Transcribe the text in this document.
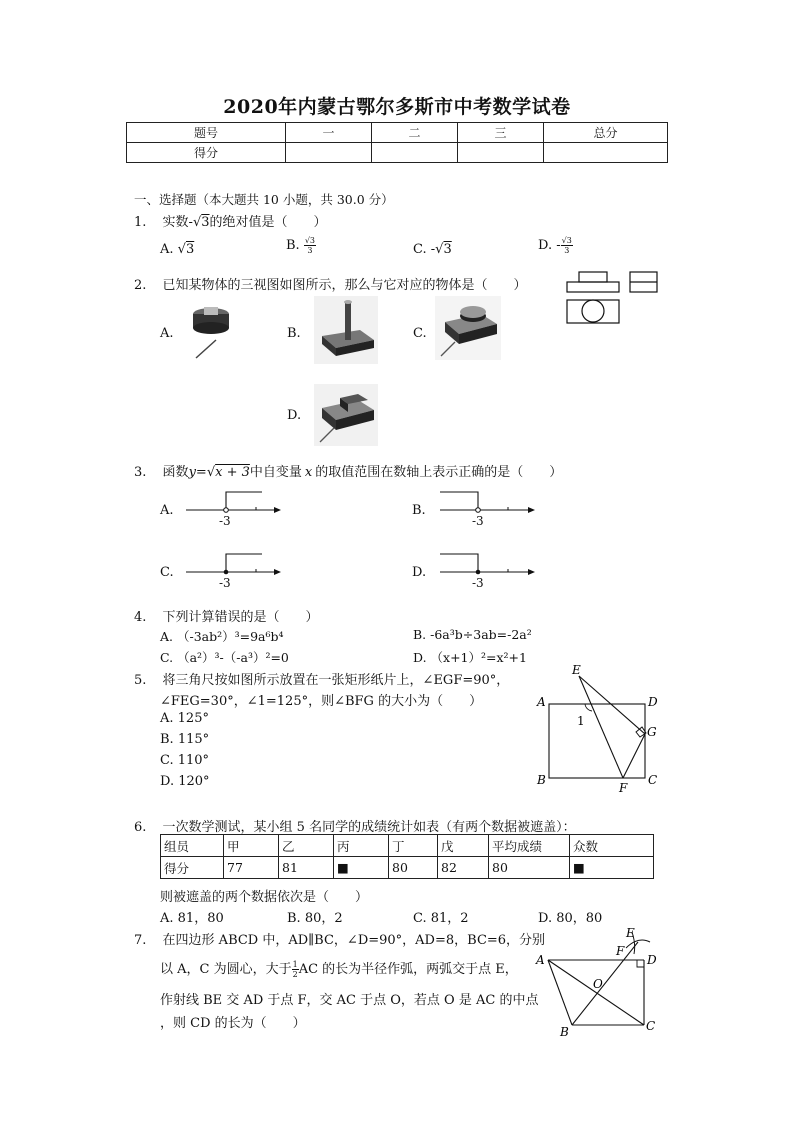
2020年内蒙古鄂尔多斯市中考数学试卷
题号	一	二	三	总分
得分				
一、选择题（本大题共 10 小题，共 30.0 分）
1. 实数-√3的绝对值是（　　）
A. √3	B. $\frac{√3}{3}$	C. -√3	D. - $\frac{√3}{3}$
2. 已知某物体的三视图如图所示，那么与它对应的物体是（　　）
A.	B.	C.
D.
3. 函数y=√x + 3中自变量 x 的取值范围在数轴上表示正确的是（　　）
A.
-3
B.
-3
C.
-3
D.
-3
4. 下列计算错误的是（　　）
A. （-3ab²）³=9a⁶b⁴	B. -6a³b÷3ab=-2a²
C. （a²）³-（-a³）²=0	D. （x+1）²=x²+1
5. 将三角尺按如图所示放置在一张矩形纸片上，∠EGF=90°，
∠FEG=30°，∠1=125°，则∠BFG 的大小为（　　）
A. 125°
B. 115°
C. 110°
D. 120°
E
A	D
G
B	C
F
1
6. 一次数学测试，某小组 5 名同学的成绩统计如表（有两个数据被遮盖）：
组员	甲	乙	丙	丁	戊	平均成绩	众数
得分	77	81	■	80	82	80	■
则被遮盖的两个数据依次是（　　）
A. 81，80	B. 80，2	C. 81，2	D. 80，80
7. 在四边形 ABCD 中，AD∥BC，∠D=90°，AD=8，BC=6，分别
以 A，C 为圆心，大于 $\frac{1}{2}$ AC 的长为半径作弧，两弧交于点 E，
作射线 BE 交 AD 于点 F，交 AC 于点 O，若点 O 是 AC 的中点
，则 CD 的长为（　　）
E
F
A	D
O
B	C
